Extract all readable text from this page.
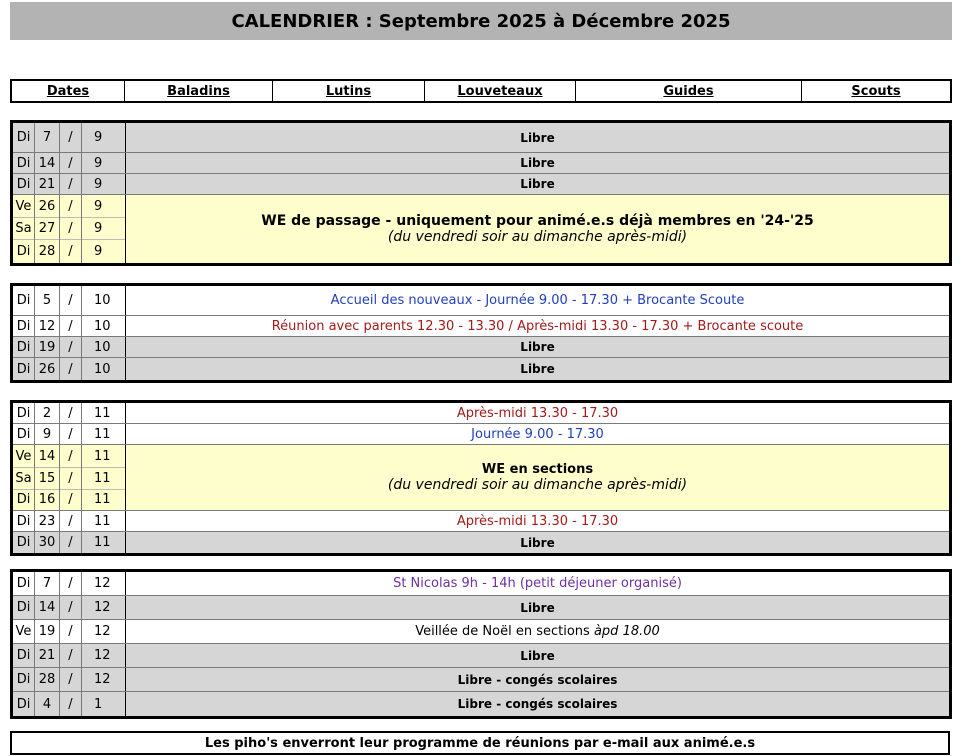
CALENDRIER : Septembre 2025 à Décembre 2025
Dates	Baladins	Lutins	Louveteaux	Guides	Scouts
Di 7	/	9	Libre
Di 14	/	9	Libre
Di 21	/	9	Libre
Ve 26	/	9
Sa 27	/	9
Di 28	/	9
WE de passage - uniquement pour animé.e.s déjà membres en '24-'25
(du vendredi soir au dimanche après-midi)
Di 5	/	10	Accueil des nouveaux - Journée 9.00 - 17.30 + Brocante Scoute
Di 12	/	10	Réunion avec parents 12.30 - 13.30 / Après-midi 13.30 - 17.30 + Brocante scoute
Di 19	/	10	Libre
Di 26	/	10	Libre
Di 2	/	11	Après-midi 13.30 - 17.30
Di 9	/	11	Journée 9.00 - 17.30
Ve 14	/	11
Sa 15	/	11
Di 16	/	11
WE en sections
(du vendredi soir au dimanche après-midi)
Di 23	/	11	Après-midi 13.30 - 17.30
Di 30	/	11	Libre
Di 7	/	12	St Nicolas 9h - 14h (petit déjeuner organisé)
Di 14	/	12	Libre
Ve 19	/	12	Veillée de Noël en sections
àpd 18.00
Di 21	/	12	Libre
Di 28	/	12	Libre - congés scolaires
Di 4	/	1	Libre - congés scolaires
Les piho's enverront leur programme de réunions par e-mail aux animé.e.s
